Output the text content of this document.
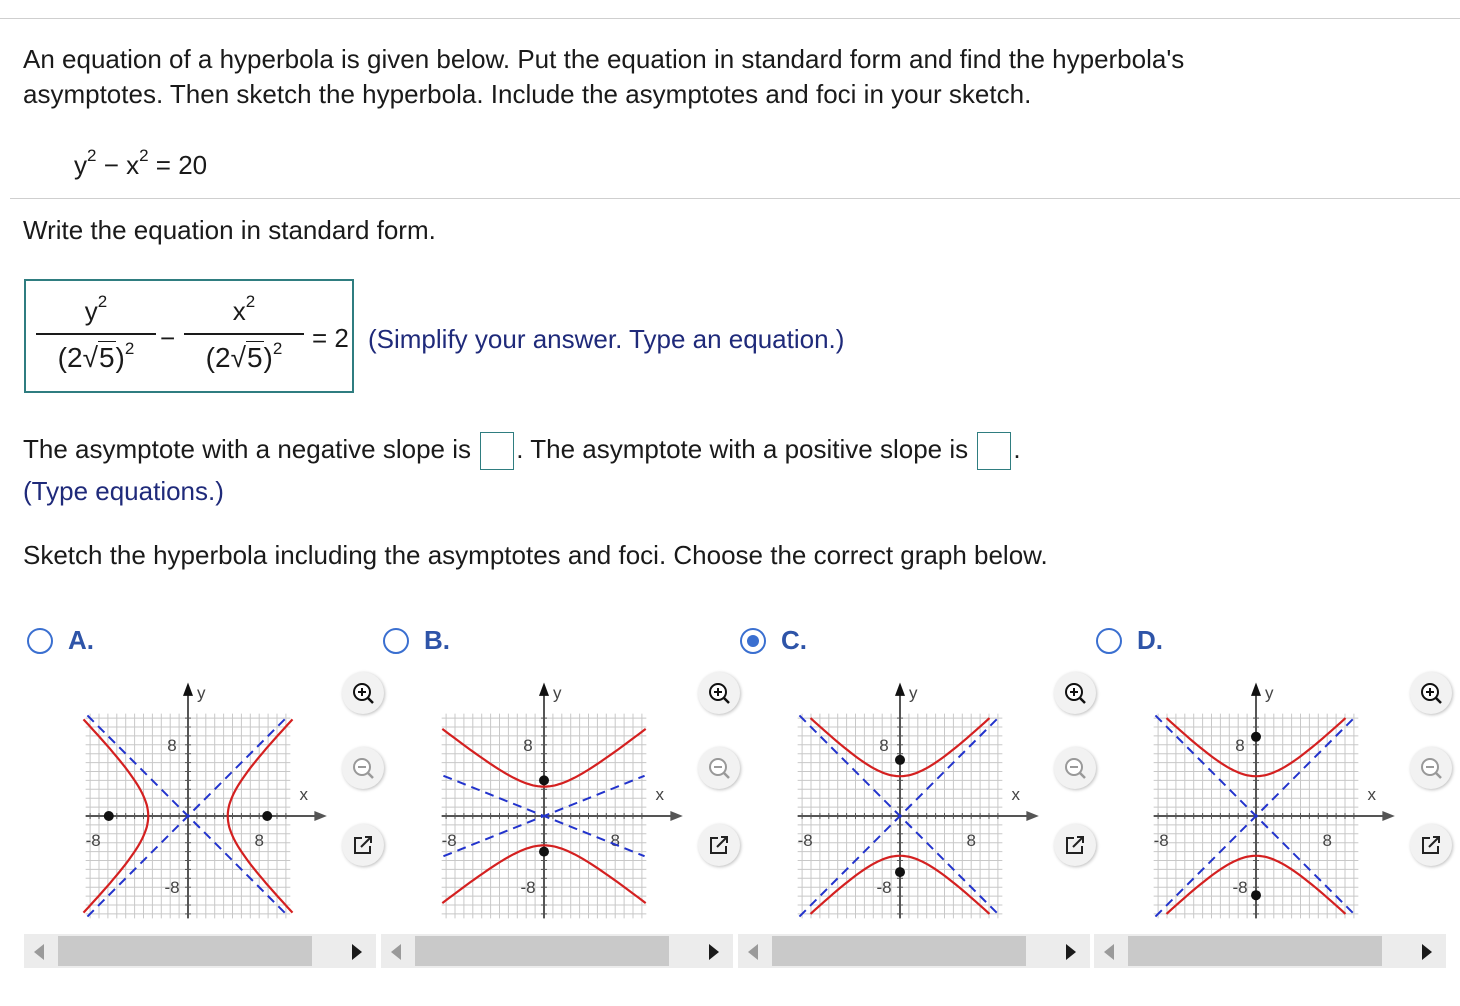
An equation of a hyperbola is given below. Put the equation in standard form and find the hyperbola's
asymptotes. Then sketch the hyperbola. Include the asymptotes and foci in your sketch.
$y^2 - x^2 = 20$
Write the equation in standard form.
$y^2$
$(2√5)^2$ −
$x^2$
$(2√5)^2$	= 2 (Simplify your answer. Type an equation.)
The asymptote with a negative slope is . The asymptote with a positive slope is .
(Type equations.)
Sketch the hyperbola including the asymptotes and foci. Choose the correct graph below.
A.	B.	C.	D.
y
x
8
-8
-8	8
y
x
8
-8
-8	8
y
x
8
-8
-8	8
y
x
8
-8
-8	8
